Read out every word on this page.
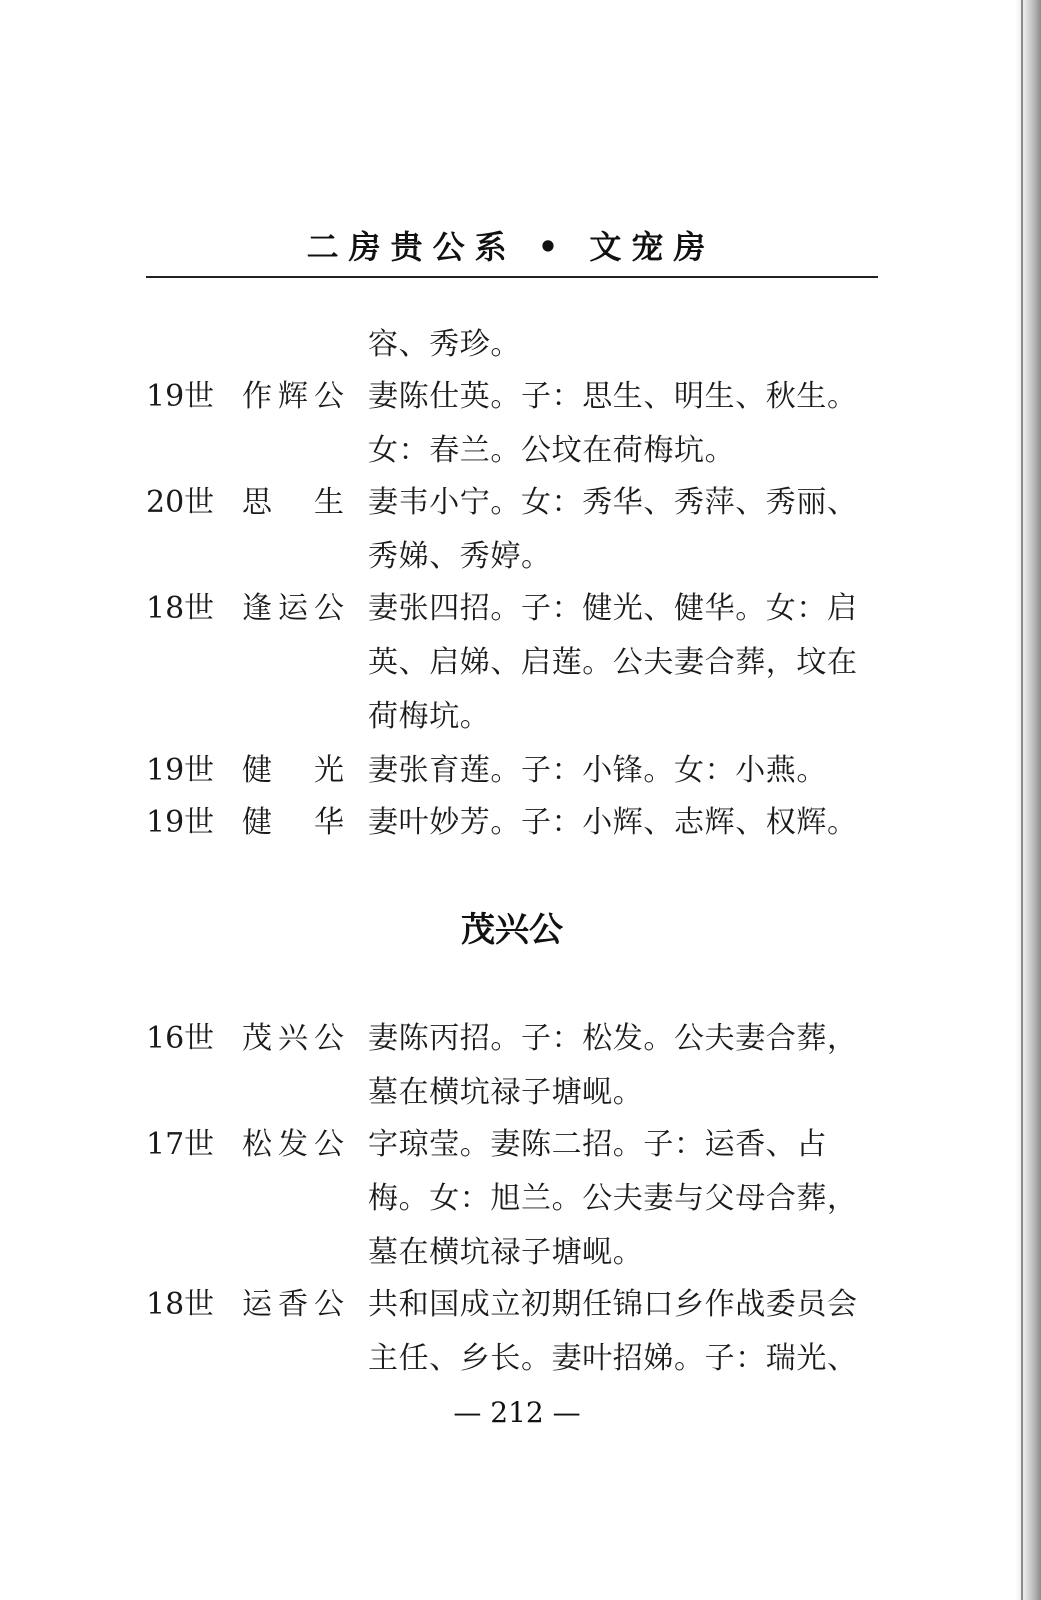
二房贵公系 • 文宠房
容、秀珍。
19世 作辉公 妻陈仕英。子：思生、明生、秋生。女：春兰。公坟在荷梅坑。
20世 思 生 妻韦小宁。女：秀华、秀萍、秀丽、秀娣、秀婷。
18世 逢运公 妻张四招。子：健光、健华。女：启英、启娣、启莲。公夫妻合葬，坟在荷梅坑。
19世 健 光 妻张育莲。子：小锋。女：小燕。
19世 健 华 妻叶妙芳。子：小辉、志辉、权辉。
茂兴公
16世 茂兴公 妻陈丙招。子：松发。公夫妻合葬，墓在横坑禄子塘岘。
17世 松发公 字琼莹。妻陈二招。子：运香、占梅。女：旭兰。公夫妻与父母合葬，墓在横坑禄子塘岘。
18世 运香公 共和国成立初期任锦口乡作战委员会主任、乡长。妻叶招娣。子：瑞光、
— 212 —
